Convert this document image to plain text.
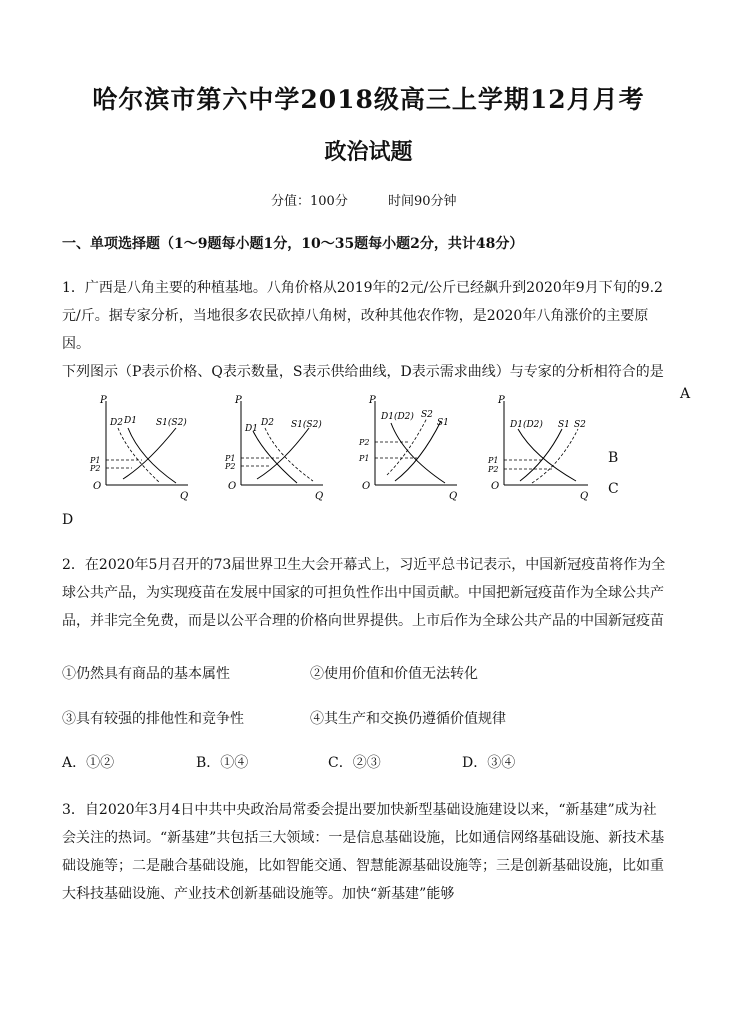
哈尔滨市第六中学2018级高三上学期12月月考
政治试题
分值：100分	时间90分钟
一、单项选择题（1～9题每小题1分，10～35题每小题2分，共计48分）
1．广西是八角主要的种植基地。八角价格从2019年的2元/公斤已经飙升到2020年9月下旬的9.2
元/斤。据专家分析，当地很多农民砍掉八角树，改种其他农作物，是2020年八角涨价的主要原因。
下列图示（P表示价格、Q表示数量，S表示供给曲线，D表示需求曲线）与专家的分析相符合的是
A
B
C
D
P
Q
O
P1
P2
D2 D1 S1(S2)
P
Q
O
P1
P2
D1
D2 S1(S2)
P
Q
O
P2
P1
D1(D2) S2
S1
P
Q
O
P1
P2
D1(D2) S1 S2
2．在2020年5月召开的73届世界卫生大会开幕式上，习近平总书记表示，中国新冠疫苗将作为全
球公共产品，为实现疫苗在发展中国家的可担负性作出中国贡献。中国把新冠疫苗作为全球公共产
品，并非完全免费，而是以公平合理的价格向世界提供。上市后作为全球公共产品的中国新冠疫苗
①仍然具有商品的基本属性	②使用价值和价值无法转化
③具有较强的排他性和竞争性	④其生产和交换仍遵循价值规律
A．①②	B．①④	C．②③	D．③④
3．自2020年3月4日中共中央政治局常委会提出要加快新型基础设施建设以来，“新基建”成为社
会关注的热词。“新基建”共包括三大领域：一是信息基础设施，比如通信网络基础设施、新技术基
础设施等；二是融合基础设施，比如智能交通、智慧能源基础设施等；三是创新基础设施，比如重
大科技基础设施、产业技术创新基础设施等。加快“新基建”能够
